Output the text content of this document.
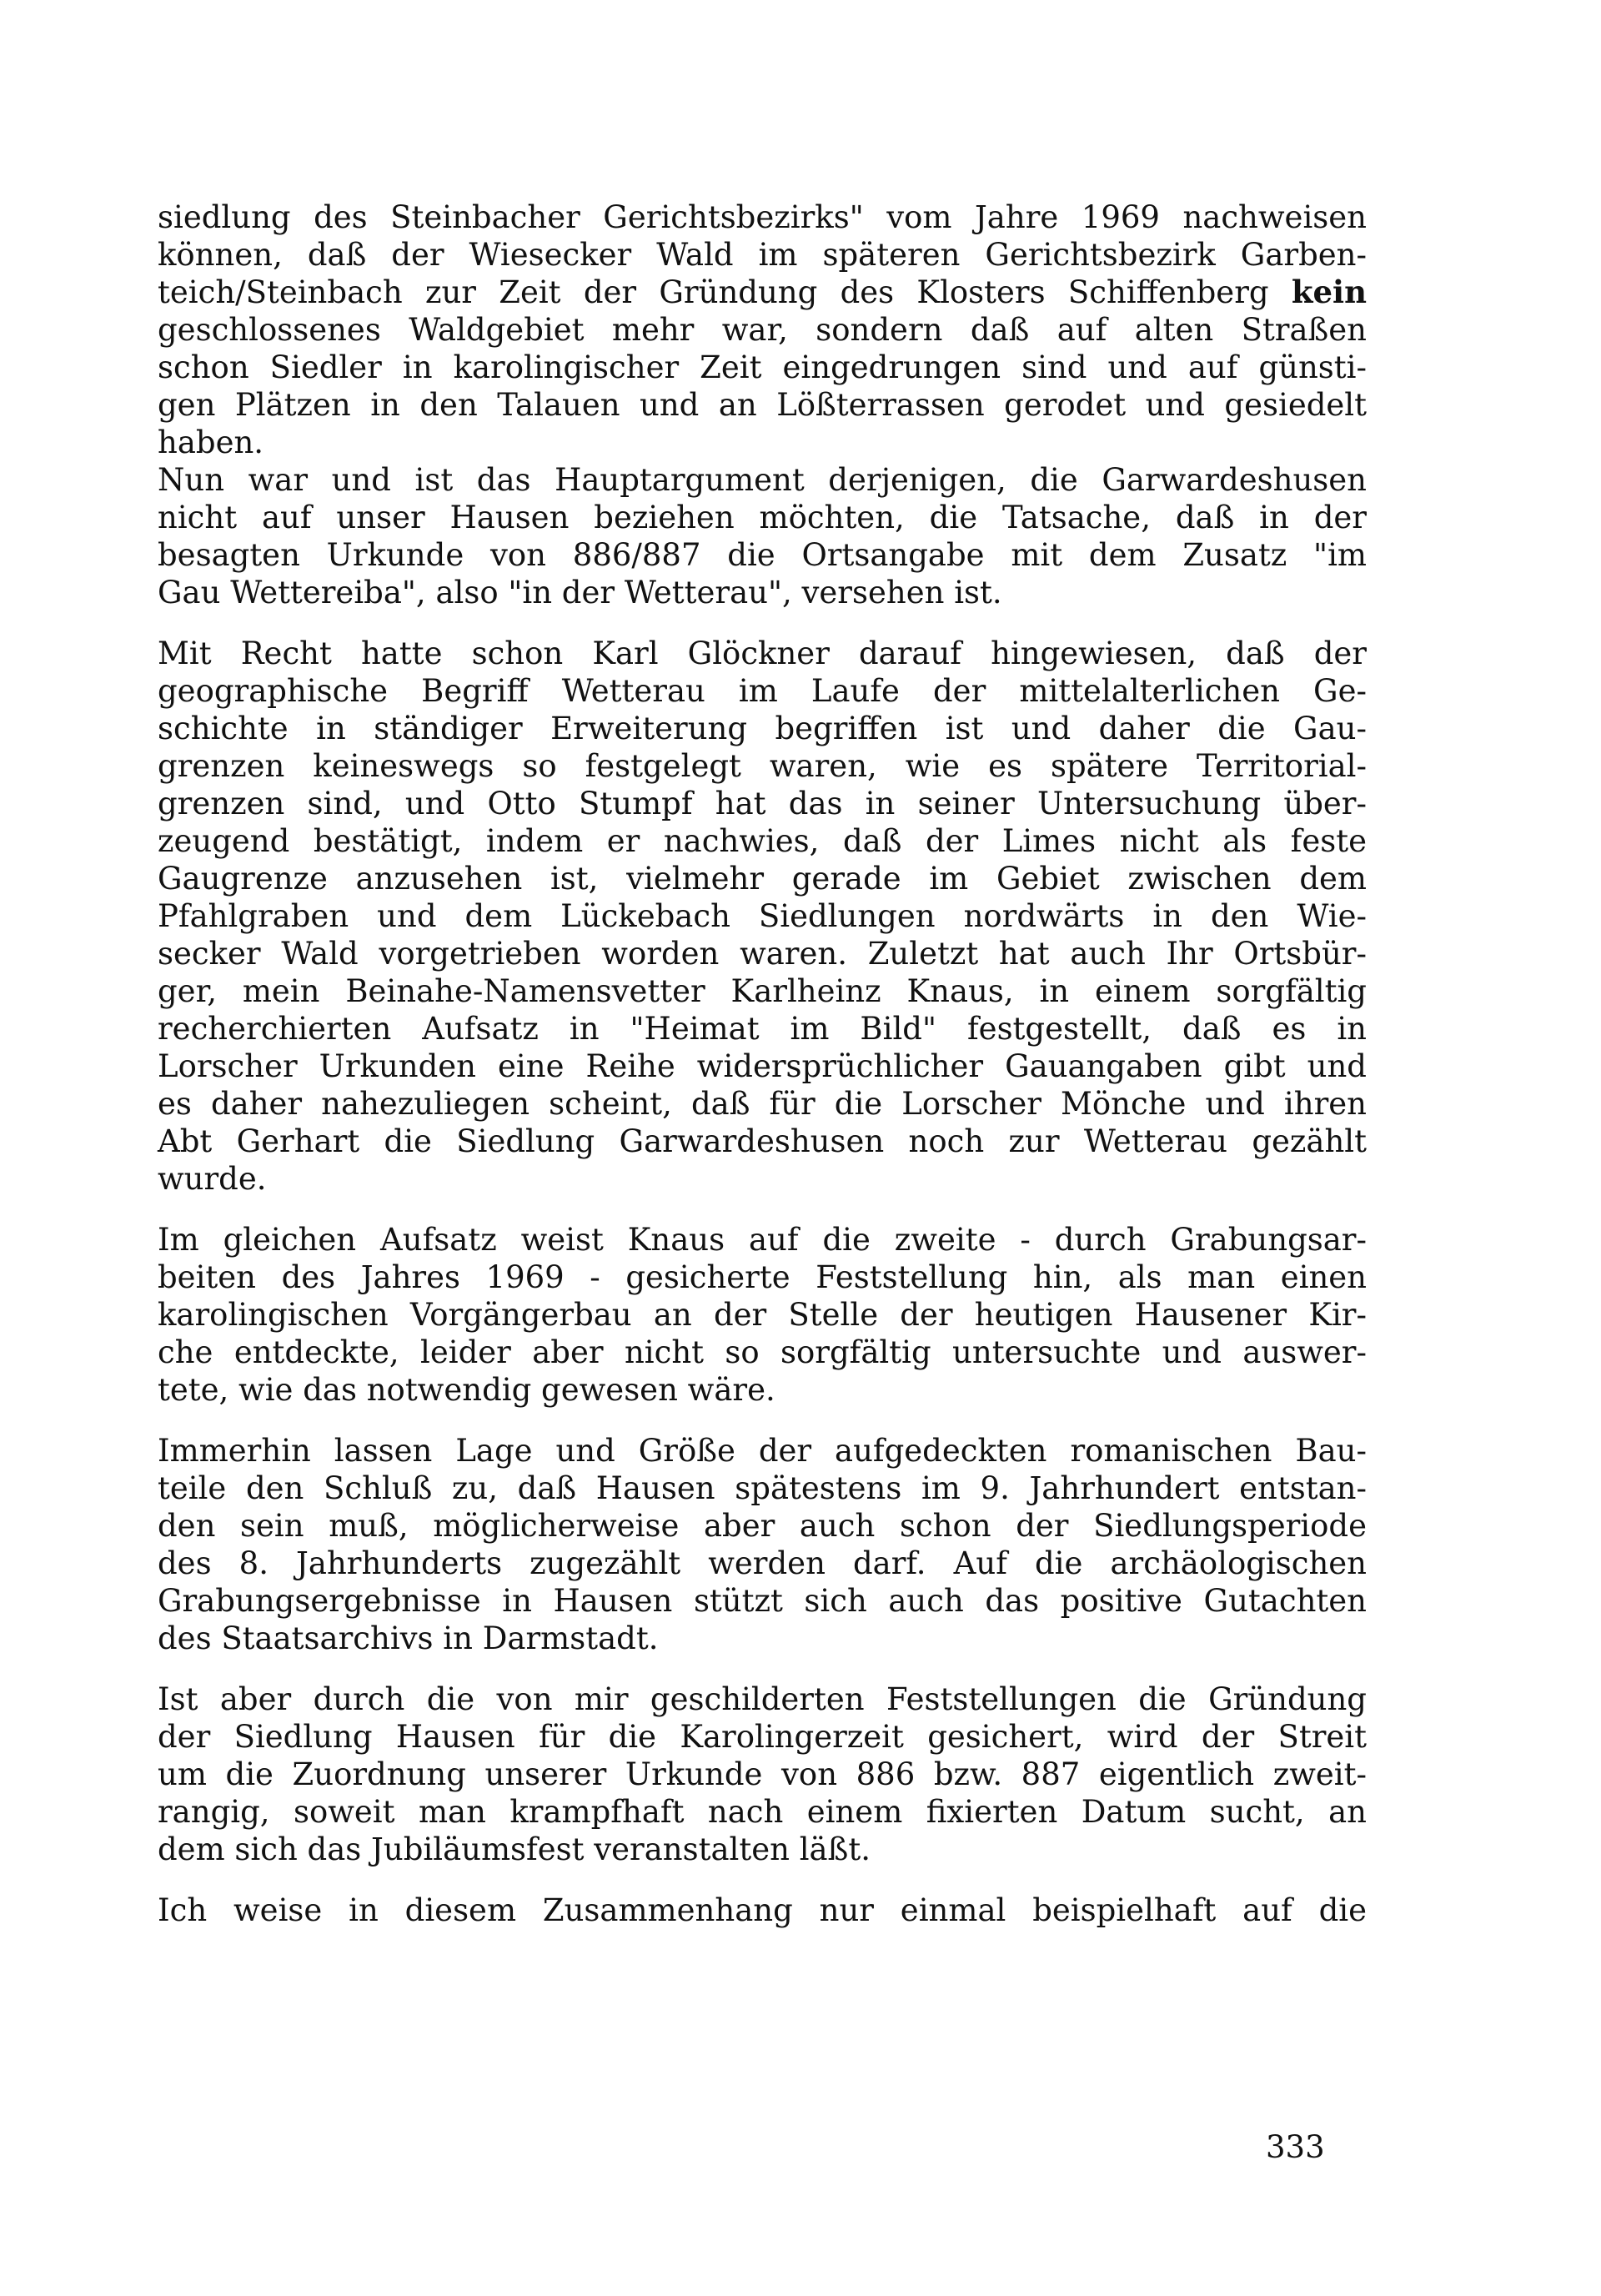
siedlung des Steinbacher Gerichtsbezirks" vom Jahre 1969 nachweisen
können, daß der Wiesecker Wald im späteren Gerichtsbezirk Garben-
teich/Steinbach zur Zeit der Gründung des Klosters Schiffenberg kein
geschlossenes Waldgebiet mehr war, sondern daß auf alten Straßen
schon Siedler in karolingischer Zeit eingedrungen sind und auf günsti-
gen Plätzen in den Talauen und an Lößterrassen gerodet und gesiedelt
haben.
Nun war und ist das Hauptargument derjenigen, die Garwardeshusen
nicht auf unser Hausen beziehen möchten, die Tatsache, daß in der
besagten Urkunde von 886/887 die Ortsangabe mit dem Zusatz "im
Gau Wettereiba", also "in der Wetterau", versehen ist.
Mit Recht hatte schon Karl Glöckner darauf hingewiesen, daß der
geographische Begriff Wetterau im Laufe der mittelalterlichen Ge-
schichte in ständiger Erweiterung begriffen ist und daher die Gau-
grenzen keineswegs so festgelegt waren, wie es spätere Territorial-
grenzen sind, und Otto Stumpf hat das in seiner Untersuchung über-
zeugend bestätigt, indem er nachwies, daß der Limes nicht als feste
Gaugrenze anzusehen ist, vielmehr gerade im Gebiet zwischen dem
Pfahlgraben und dem Lückebach Siedlungen nordwärts in den Wie-
secker Wald vorgetrieben worden waren. Zuletzt hat auch Ihr Ortsbür-
ger, mein Beinahe-Namensvetter Karlheinz Knaus, in einem sorgfältig
recherchierten Aufsatz in "Heimat im Bild" festgestellt, daß es in
Lorscher Urkunden eine Reihe widersprüchlicher Gauangaben gibt und
es daher nahezuliegen scheint, daß für die Lorscher Mönche und ihren
Abt Gerhart die Siedlung Garwardeshusen noch zur Wetterau gezählt
wurde.
Im gleichen Aufsatz weist Knaus auf die zweite - durch Grabungsar-
beiten des Jahres 1969 - gesicherte Feststellung hin, als man einen
karolingischen Vorgängerbau an der Stelle der heutigen Hausener Kir-
che entdeckte, leider aber nicht so sorgfältig untersuchte und auswer-
tete, wie das notwendig gewesen wäre.
Immerhin lassen Lage und Größe der aufgedeckten romanischen Bau-
teile den Schluß zu, daß Hausen spätestens im 9. Jahrhundert entstan-
den sein muß, möglicherweise aber auch schon der Siedlungsperiode
des 8. Jahrhunderts zugezählt werden darf. Auf die archäologischen
Grabungsergebnisse in Hausen stützt sich auch das positive Gutachten
des Staatsarchivs in Darmstadt.
Ist aber durch die von mir geschilderten Feststellungen die Gründung
der Siedlung Hausen für die Karolingerzeit gesichert, wird der Streit
um die Zuordnung unserer Urkunde von 886 bzw. 887 eigentlich zweit-
rangig, soweit man krampfhaft nach einem fixierten Datum sucht, an
dem sich das Jubiläumsfest veranstalten läßt.
Ich weise in diesem Zusammenhang nur einmal beispielhaft auf die
333
